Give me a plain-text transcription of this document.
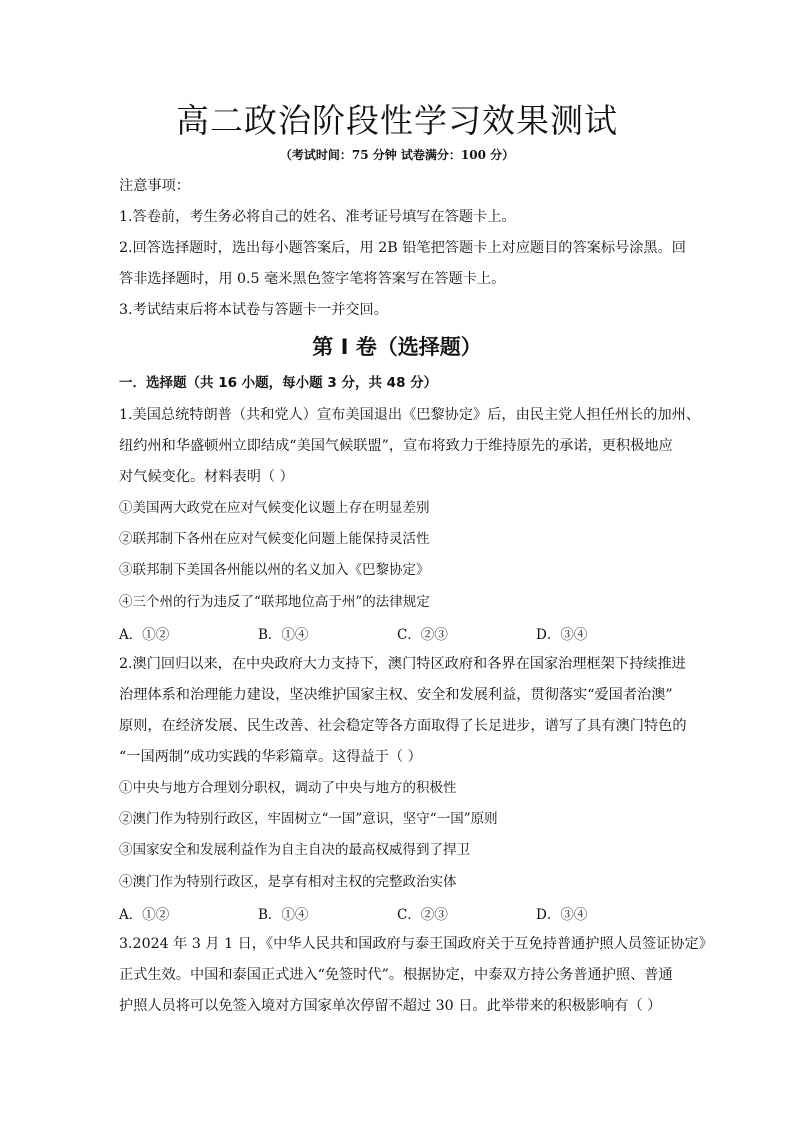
高二政治阶段性学习效果测试
（考试时间：75 分钟 试卷满分：100 分）
注意事项：
1.答卷前，考生务必将自己的姓名、准考证号填写在答题卡上。
2.回答选择题时，选出每小题答案后，用 2B 铅笔把答题卡上对应题目的答案标号涂黑。回
答非选择题时，用 0.5 毫米黑色签字笔将答案写在答题卡上。
3.考试结束后将本试卷与答题卡一并交回。
第 I 卷（选择题）
一．选择题（共 16 小题，每小题 3 分，共 48 分）
1.美国总统特朗普（共和党人）宣布美国退出《巴黎协定》后，由民主党人担任州长的加州、
纽约州和华盛顿州立即结成“美国气候联盟”，宣布将致力于维持原先的承诺，更积极地应
对气候变化。材料表明（ ）
①美国两大政党在应对气候变化议题上存在明显差别
②联邦制下各州在应对气候变化问题上能保持灵活性
③联邦制下美国各州能以州的名义加入《巴黎协定》
④三个州的行为违反了“联邦地位高于州”的法律规定
A．①②	B．①④	C．②③	D．③④
2.澳门回归以来，在中央政府大力支持下，澳门特区政府和各界在国家治理框架下持续推进
治理体系和治理能力建设，坚决维护国家主权、安全和发展利益，贯彻落实“爱国者治澳”
原则，在经济发展、民生改善、社会稳定等各方面取得了长足进步，谱写了具有澳门特色的
“一国两制”成功实践的华彩篇章。这得益于（ ）
①中央与地方合理划分职权，调动了中央与地方的积极性
②澳门作为特别行政区，牢固树立“一国”意识，坚守“一国”原则
③国家安全和发展利益作为自主自决的最高权威得到了捍卫
④澳门作为特别行政区，是享有相对主权的完整政治实体
A．①②	B．①④	C．②③	D．③④
3.2024 年 3 月 1 日，《中华人民共和国政府与泰王国政府关于互免持普通护照人员签证协定》
正式生效。中国和泰国正式进入“免签时代”。根据协定，中泰双方持公务普通护照、普通
护照人员将可以免签入境对方国家单次停留不超过 30 日。此举带来的积极影响有（ ）
